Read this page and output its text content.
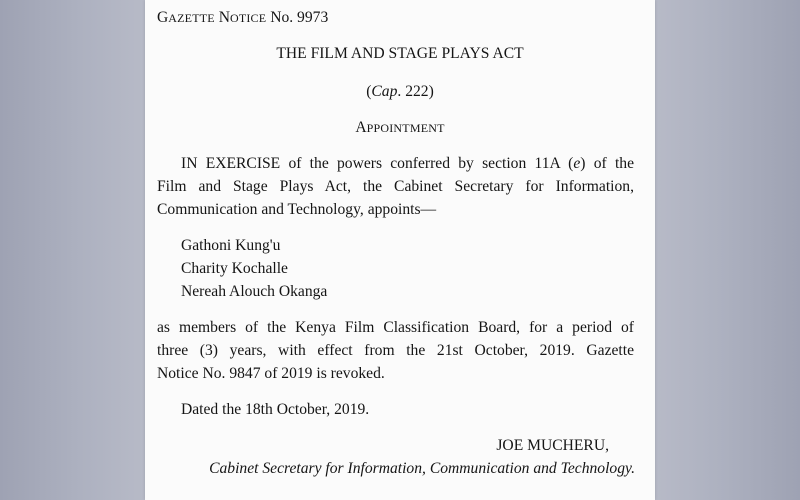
GAZETTE NOTICE No. 9973
THE FILM AND STAGE PLAYS ACT
(Cap. 222)
APPOINTMENT
IN EXERCISE of the powers conferred by section 11A (e) of the
Film and Stage Plays Act, the Cabinet Secretary for Information,
Communication and Technology, appoints—
Gathoni Kung'u
Charity Kochalle
Nereah Alouch Okanga
as members of the Kenya Film Classification Board, for a period of
three (3) years, with effect from the 21st October, 2019. Gazette
Notice No. 9847 of 2019 is revoked.
Dated the 18th October, 2019.
JOE MUCHERU,
Cabinet Secretary for Information, Communication and Technology.
